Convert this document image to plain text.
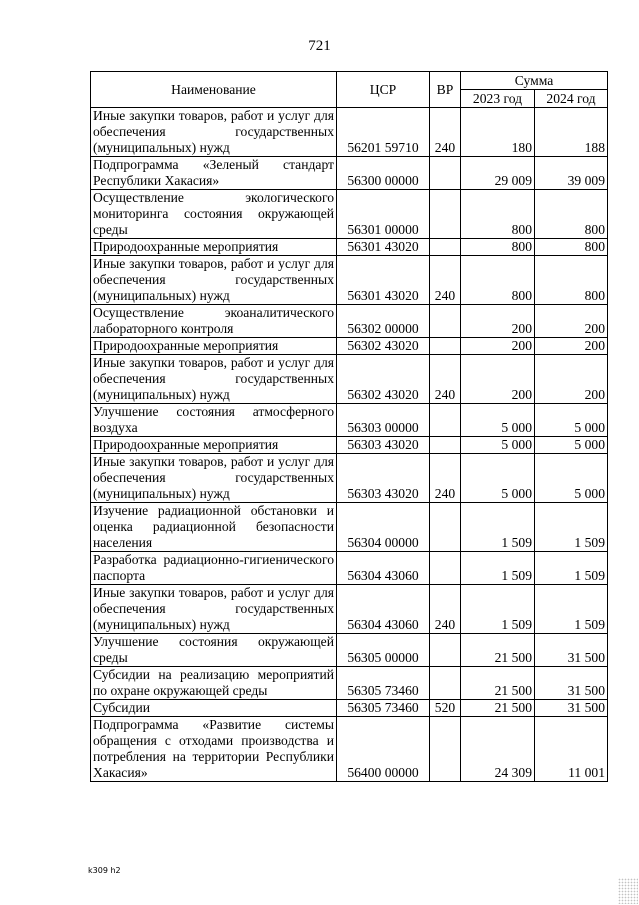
721
Наименование	ЦСР	ВР	Сумма	
			2023 год	2024 год
Иные закупки товаров, работ и услуг для обеспечения государственных (муниципальных) нужд	56201 59710	240	180	188
Подпрограмма «Зеленый стандарт Республики Хакасия»	56300 00000		29 009	39 009
Осуществление экологического мониторинга состояния окружающей среды	56301 00000		800	800
Природоохранные мероприятия	56301 43020		800	800
Иные закупки товаров, работ и услуг для обеспечения государственных (муниципальных) нужд	56301 43020	240	800	800
Осуществление экоаналитического лабораторного контроля	56302 00000		200	200
Природоохранные мероприятия	56302 43020		200	200
Иные закупки товаров, работ и услуг для обеспечения государственных (муниципальных) нужд	56302 43020	240	200	200
Улучшение состояния атмосферного воздуха	56303 00000		5 000	5 000
Природоохранные мероприятия	56303 43020		5 000	5 000
Иные закупки товаров, работ и услуг для обеспечения государственных (муниципальных) нужд	56303 43020	240	5 000	5 000
Изучение радиационной обстановки и оценка радиационной безопасности населения	56304 00000		1 509	1 509
Разработка радиационно-гигиенического паспорта	56304 43060		1 509	1 509
Иные закупки товаров, работ и услуг для обеспечения государственных (муниципальных) нужд	56304 43060	240	1 509	1 509
Улучшение состояния окружающей среды	56305 00000		21 500	31 500
Субсидии на реализацию мероприятий по охране окружающей среды	56305 73460		21 500	31 500
Субсидии	56305 73460	520	21 500	31 500
Подпрограмма «Развитие системы обращения с отходами производства и потребления на территории Республики Хакасия»	56400 00000		24 309	11 001
k309 h2
